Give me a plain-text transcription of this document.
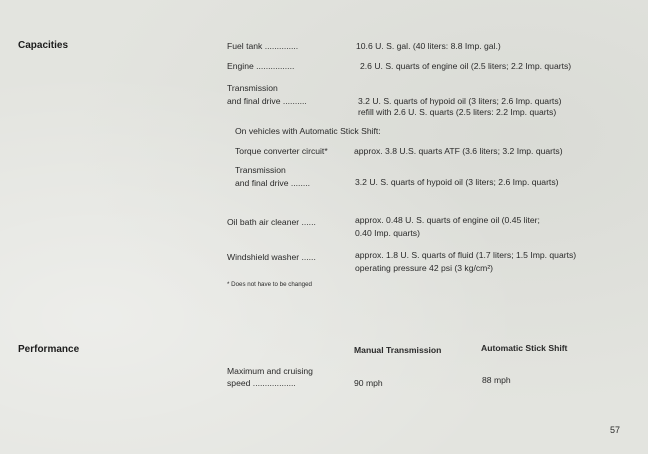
Capacities	Fuel tank ..............	10.6 U. S. gal. (40 liters: 8.8 Imp. gal.)
Engine ................	2.6 U. S. quarts of engine oil (2.5 liters; 2.2 Imp. quarts)
Transmission
and final drive ..........	3.2 U. S. quarts of hypoid oil (3 liters; 2.6 Imp. quarts)
refill with 2.6 U. S. quarts (2.5 liters: 2.2 Imp. quarts)
On vehicles with Automatic Stick Shift:
Torque converter circuit*	approx. 3.8 U.S. quarts ATF (3.6 liters; 3.2 Imp. quarts)
Transmission
and final drive ........	3.2 U. S. quarts of hypoid oil (3 liters; 2.6 Imp. quarts)
Oil bath air cleaner ......	approx. 0.48 U. S. quarts of engine oil (0.45 liter;
0.40 Imp. quarts)
Windshield washer ......	approx. 1.8 U. S. quarts of fluid (1.7 liters; 1.5 Imp. quarts)
operating pressure 42 psi (3 kg/cm²)
* Does not have to be changed
Performance	Manual Transmission	Automatic Stick Shift
Maximum and cruising
speed ..................	90 mph	88 mph
57
